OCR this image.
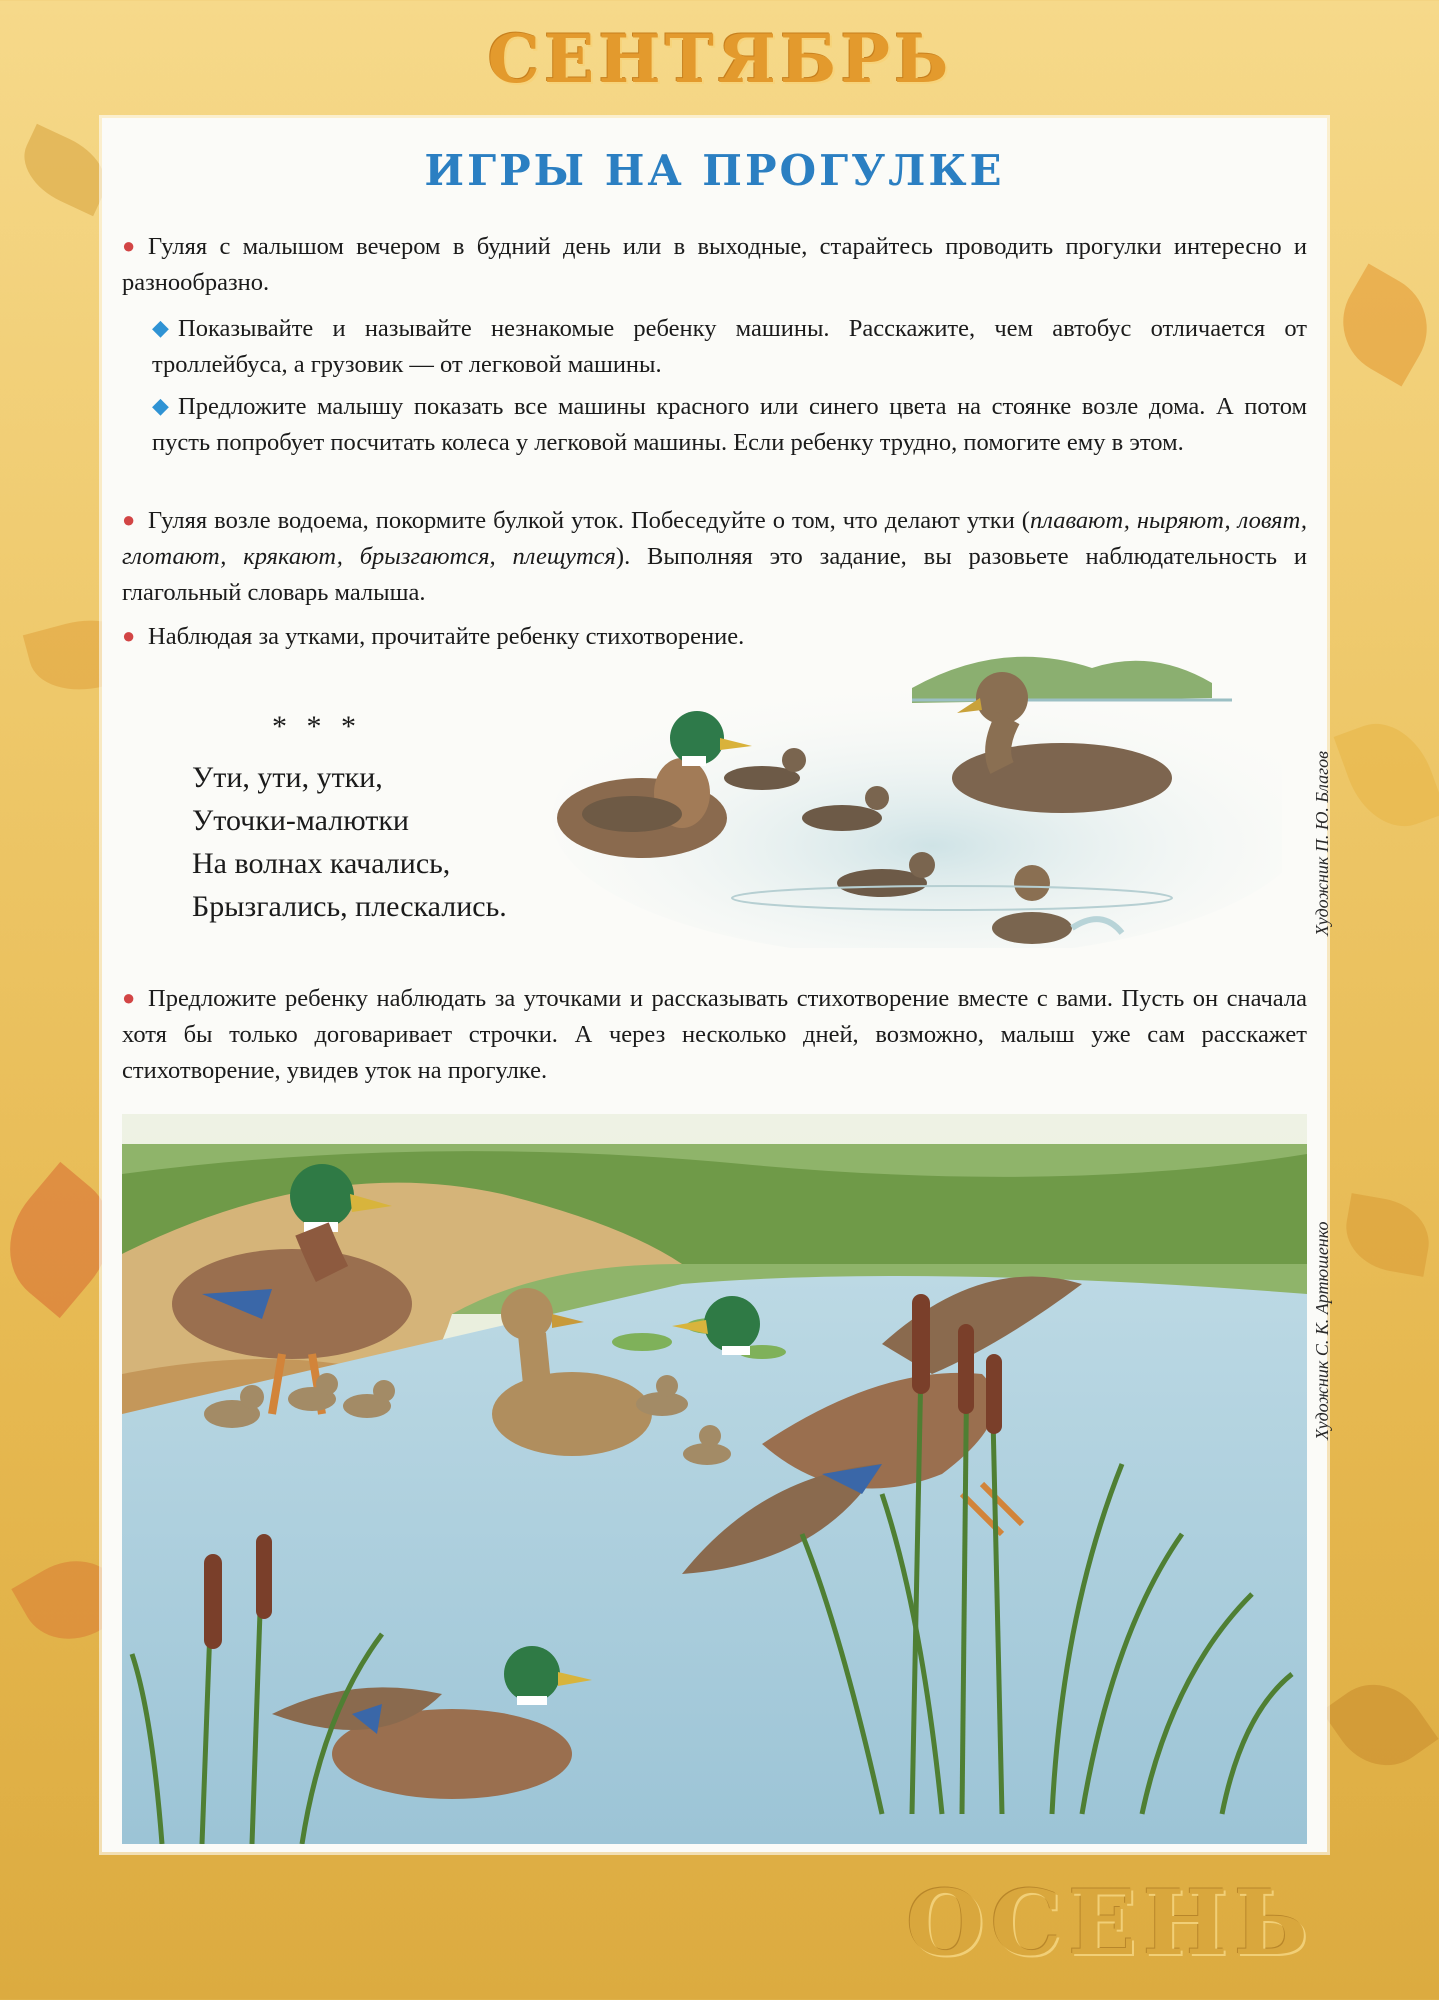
СЕНТЯБРЬ
ИГРЫ НА ПРОГУЛКЕ
● Гуляя с малышом вечером в будний день или в выходные, старайтесь проводить прогулки интересно и разнообразно.
◆ Показывайте и называйте незнакомые ребенку машины. Расскажите, чем автобус отличается от троллейбуса, а грузовик — от легковой машины.
◆ Предложите малышу показать все машины красного или синего цвета на стоянке возле дома. А потом пусть попробует посчитать колеса у легковой машины. Если ребенку трудно, помогите ему в этом.
● Гуляя возле водоема, покормите булкой уток. Побеседуйте о том, что делают утки (плавают, ныряют, ловят, глотают, крякают, брызгаются, плещутся). Выполняя это задание, вы разовьете наблюдательность и глагольный словарь малыша.
● Наблюдая за утками, прочитайте ребенку стихотворение.
* * *
Ути, ути, утки,
Уточки-малютки
На волнах качались,
Брызгались, плескались.	Художник П. Ю. Благов
● Предложите ребенку наблюдать за уточками и рассказывать стихотворение вместе с вами. Пусть он сначала хотя бы только договаривает строчки. А через несколько дней, возможно, малыш уже сам расскажет стихотворение, увидев уток на прогулке.
Художник С. К. Артюшенко
ОСЕНЬ
